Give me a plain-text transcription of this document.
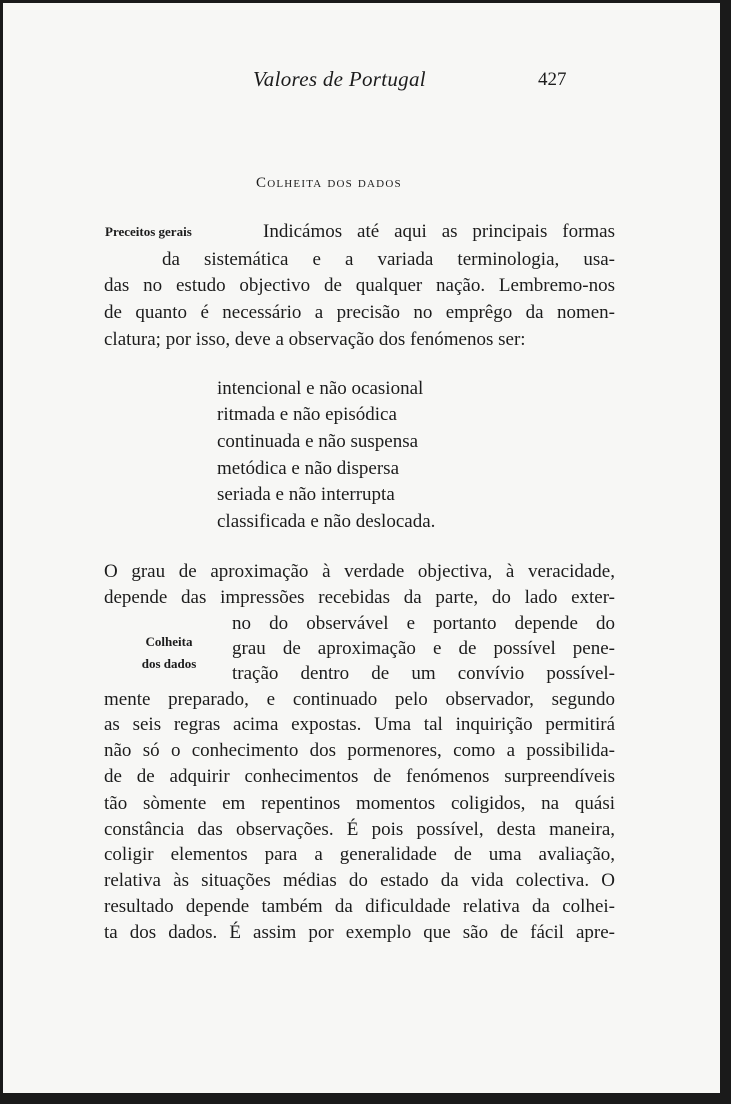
Valores de Portugal	427
Colheita dos dados
Preceitos gerais	Indicámos até aqui as principais formas
da sistemática e a variada terminologia, usa-
das no estudo objectivo de qualquer nação. Lembremo-nos
de quanto é necessário a precisão no emprêgo da nomen-
clatura; por isso, deve a observação dos fenómenos ser:
intencional e não ocasional
ritmada e não episódica
continuada e não suspensa
metódica e não dispersa
seriada e não interrupta
classificada e não deslocada.
O grau de aproximação à verdade objectiva, à veracidade,
depende das impressões recebidas da parte, do lado exter-
no do observável e portanto depende do
grau de aproximação e de possível pene-
tração dentro de um convívio possível-
mente preparado, e continuado pelo observador, segundo
as seis regras acima expostas. Uma tal inquirição permitirá
não só o conhecimento dos pormenores, como a possibilida-
de de adquirir conhecimentos de fenómenos surpreendíveis
tão sòmente em repentinos momentos coligidos, na quási
constância das observações. É pois possível, desta maneira,
coligir elementos para a generalidade de uma avaliação,
relativa às situações médias do estado da vida colectiva. O
resultado depende também da dificuldade relativa da colhei-
ta dos dados. É assim por exemplo que são de fácil apre-
Colheita
dos dados
